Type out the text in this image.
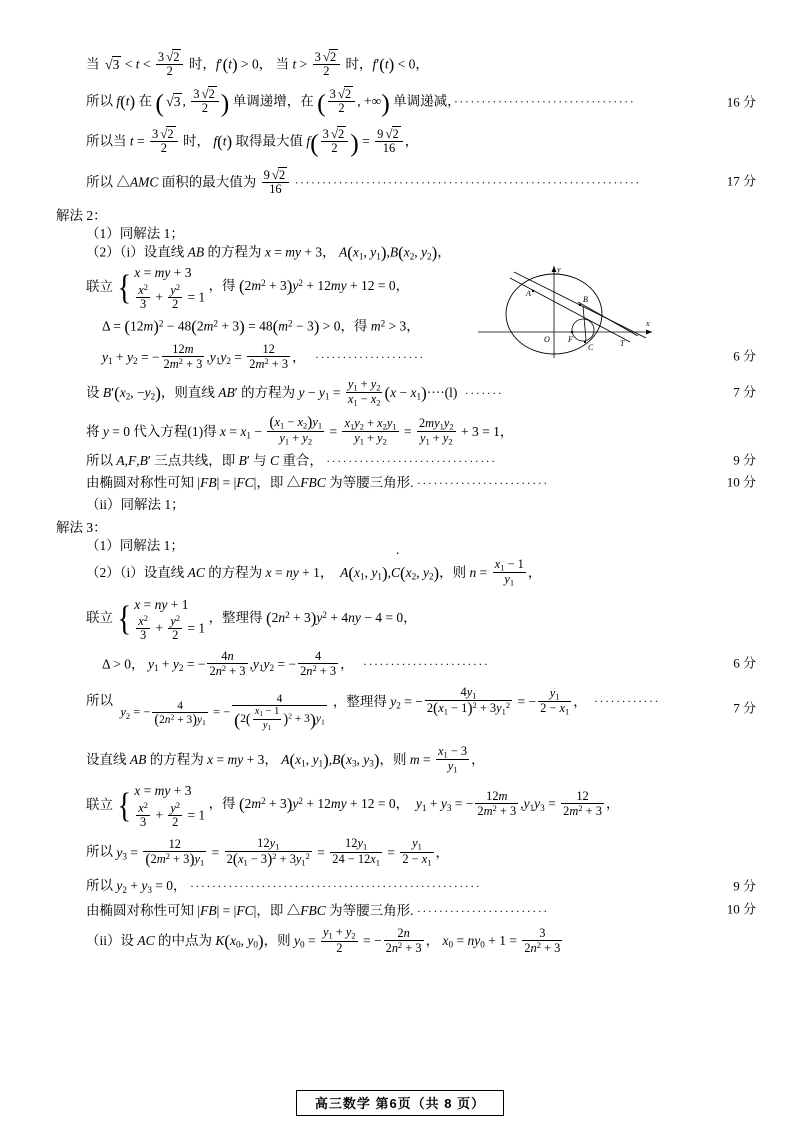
当 $√3 < t < \frac{3 √2}{2}$ 时，f′(t) > 0， 当 $t > \frac{3 √2}{2}$ 时，f′(t) < 0，
所以 f(t) 在 ( √3 , $\frac{3 √2}{2}$ ) 单调递增，在 ( $\frac{3 √2}{2}$ , +∞) 单调递减，·································	16 分
所以当 $t = \frac{3 √2}{2}$ 时， f(t) 取得最大值 $f( \frac{3 √2}{2}$ ) = $\frac{9 √2}{16}$ ，
所以 △AMC 面积的最大值为 $\frac{9 √2}{16}$ ·······························································	17 分
解法 2：
（1）同解法 1；
（2）（i）设直线 AB 的方程为 x = my + 3， $A(x_1$, $y_1),B(x_2$, $y_2$)，
联立 { x = my + 3
$\frac{x^2}{3} + \frac{y^2}{2} = 1$
，得 $(2m^2 + 3)y^2 + 12my + 12 = 0$，
$\Delta = (12m)^2 - 48(2m^2 + 3) = 48(m^2 - 3) > 0$，得 $m^2 > 3$，
$y_1 + y_2$ = − $\frac{12m}{2m^2 + 3} ,y_1y_2 = \frac{12}{2m^2 + 3}$ ， ····················	6 分
设 $B'(x_2$, $-y_2$)，则直线 AB′ 的方程为 $y - y_1 = \frac{y_1 + y_2}{x_1 - x_2} (x - x_1)\cdot\cdot\cdot\cdot(l)$ ·······	7 分
将 y = 0 代入方程(1)得 $x = x_1 - \frac{(x_1 - x_2)y_1}{y_1 + y_2} = \frac{x_1y_2 + x_2y_1}{y_1 + y_2} = \frac{2my_1y_2}{y_1 + y_2} + 3 = 1$，
所以 A,F,B′ 三点共线，即 B′ 与 C 重合， ·······························	9 分
由椭圆对称性可知 |FB| = |FC|，即 △FBC 为等腰三角形. ························	10 分
（ii）同解法 1；
解法 3：
（1）同解法 1；	.
（2）（i）设直线 AC 的方程为 x = ny + 1，  $A(x_1$, $y_1),C(x_2$, $y_2$)，则 $n = \frac{x_1 - 1}{y_1}$ ，
联立 { x = ny + 1
$\frac{x^2}{3} + \frac{y^2}{2} = 1$
，整理得 $(2n^2 + 3)y^2 + 4ny - 4 = 0$，
Δ > 0， $y_1 + y_2$ = − $\frac{4n}{2n^2 + 3} ,y_1y_2$ = − $\frac{4}{2n^2 + 3}$ ， ·······················	6 分
所以
$y_2$ = − $\frac{4}{(2n^2 + 3)y_1}$ = − $\frac{4}{(2( \frac{x_1 - 1}{y_1} )^2 + 3)y_1}$ ，整理得 $y_2$ = − $\frac{4y_1}{2(x_1 - 1)^2 + 3y_1^2}$ = − $\frac{y_1}{2 - x_1}$ ， ············	7 分
设直线 AB 的方程为 x = my + 3， $A(x_1$, $y_1),B(x_3$, $y_3$)，则 $m = \frac{x_1 - 3}{y_1}$ ，
联立 { x = my + 3
$\frac{x^2}{3} + \frac{y^2}{2} = 1$
，得 $(2m^2 + 3)y^2 + 12my + 12 = 0$，  $y_1 + y_3$ = − $\frac{12m}{2m^2 + 3} ,y_1y_3 = \frac{12}{2m^2 + 3}$ ，
所以 $y_3 = \frac{12}{(2m^2 + 3)y_1} = \frac{12y_1}{2(x_1 - 3)^2 + 3y_1^2} = \frac{12y_1}{24 - 12x_1} = \frac{y_1}{2 - x_1}$ ，
所以 $y_2 + y_3 = 0$， ·····················································	9 分
由椭圆对称性可知 |FB| = |FC|，即 △FBC 为等腰三角形. ························	10 分
（ii）设 AC 的中点为 $K(x_0$, $y_0$)，则 $y_0 = \frac{y_1 + y_2}{2}$ = − $\frac{2n}{2n^2 + 3}$ ， $x_0 = ny_0 + 1 = \frac{3}{2n^2 + 3}$
x
y
A
B
C
O F	T
高三数学 第6页（共 8 页）
